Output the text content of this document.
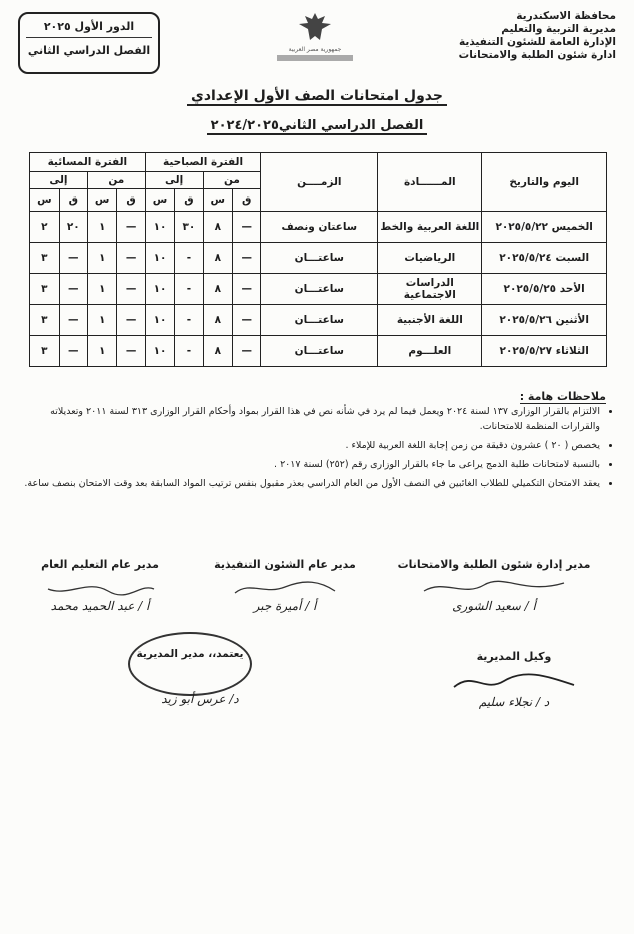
محافظة الاسكندرية
مديرية التربية والتعليم
الإدارة العامة للشئون التنفيذية
ادارة شئون الطلبة والامتحانات
جمهورية مصر العربية
الدور الأول ٢٠٢٥
الفصل الدراسي الثاني
جدول امتحانات الصف الأول الإعدادي
الفصل الدراسي الثاني٢٠٢٤/٢٠٢٥
اليوم والتاريخ	المــــــادة	الزمــــن	الفترة الصباحية				الفترة المسائية			
			من		إلى		من		إلى	
			ق	س	ق	س	ق	س	ق	س
الخميس ٢٠٢٥/٥/٢٢	اللغة العربية والخط	ساعتان ونصف	—	٨	٣٠	١٠	—	١	٢٠	٢
السبت ٢٠٢٥/٥/٢٤	الرياضيات	ساعتـــان	—	٨	-	١٠	—	١	—	٣
الأحد ٢٠٢٥/٥/٢٥	الدراسات الاجتماعية	ساعتـــان	—	٨	-	١٠	—	١	—	٣
الأثنين ٢٠٢٥/٥/٢٦	اللغة الأجنبية	ساعتـــان	—	٨	-	١٠	—	١	—	٣
الثلاثاء ٢٠٢٥/٥/٢٧	العلـــوم	ساعتـــان	—	٨	-	١٠	—	١	—	٣
ملاحظات هامة :
• الالتزام بالقرار الوزارى ١٣٧ لسنة ٢٠٢٤ ويعمل فيما لم يرد في شأنه نص في هذا القرار بمواد وأحكام القرار الوزارى ٣١٣ لسنة ٢٠١١ وتعديلاته والقرارات المنظمة للامتحانات.
• يخصص ( ٢٠ ) عشرون دقيقة من زمن إجابة اللغة العربية للإملاء .
• بالنسبة لامتحانات طلبة الدمج يراعى ما جاء بالقرار الوزارى رقم (٢٥٢) لسنة ٢٠١٧ .
• يعقد الامتحان التكميلي للطلاب الغائبين في النصف الأول من العام الدراسي بعذر مقبول بنفس ترتيب المواد السابقة بعد وقت الامتحان بنصف ساعة.
مدير إدارة شئون الطلبة والامتحانات
أ / سعيد الشورى
مدير عام الشئون التنفيذية
أ / أميرة جبر
مدير عام التعليم العام
أ / عبد الحميد محمد
وكيل المديرية
د / نجلاء سليم
يعتمد،، مدير المديرية
د/ عرس أبو زيد
